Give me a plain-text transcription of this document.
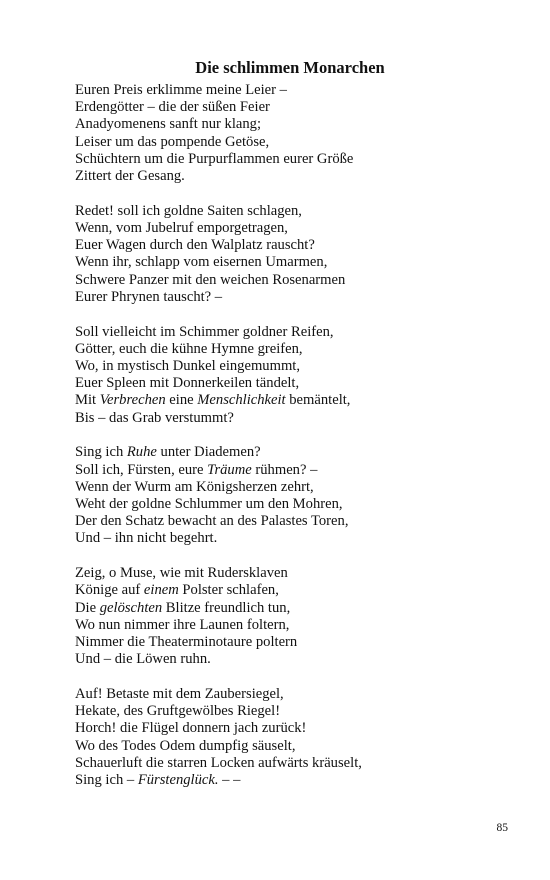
Die schlimmen Monarchen
Euren Preis erklimme meine Leier –
Erdengötter – die der süßen Feier
Anadyomenens sanft nur klang;
Leiser um das pompende Getöse,
Schüchtern um die Purpurflammen eurer Größe
Zittert der Gesang.
Redet! soll ich goldne Saiten schlagen,
Wenn, vom Jubelruf emporgetragen,
Euer Wagen durch den Walplatz rauscht?
Wenn ihr, schlapp vom eisernen Umarmen,
Schwere Panzer mit den weichen Rosenarmen
Eurer Phrynen tauscht? –
Soll vielleicht im Schimmer goldner Reifen,
Götter, euch die kühne Hymne greifen,
Wo, in mystisch Dunkel eingemummt,
Euer Spleen mit Donnerkeilen tändelt,
Mit Verbrechen eine Menschlichkeit bemäntelt,
Bis – das Grab verstummt?
Sing ich Ruhe unter Diademen?
Soll ich, Fürsten, eure Träume rühmen? –
Wenn der Wurm am Königsherzen zehrt,
Weht der goldne Schlummer um den Mohren,
Der den Schatz bewacht an des Palastes Toren,
Und – ihn nicht begehrt.
Zeig, o Muse, wie mit Rudersklaven
Könige auf einem Polster schlafen,
Die gelöschten Blitze freundlich tun,
Wo nun nimmer ihre Launen foltern,
Nimmer die Theaterminotaure poltern
Und – die Löwen ruhn.
Auf! Betaste mit dem Zaubersiegel,
Hekate, des Gruftgewölbes Riegel!
Horch! die Flügel donnern jach zurück!
Wo des Todes Odem dumpfig säuselt,
Schauerluft die starren Locken aufwärts kräuselt,
Sing ich – Fürstenglück. – –
85
